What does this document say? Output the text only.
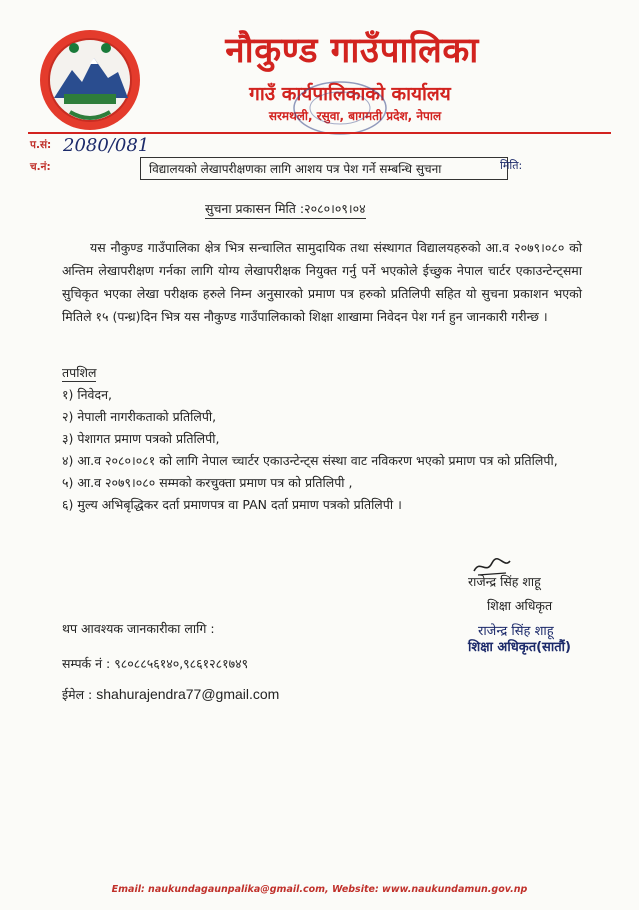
नौकुण्ड गाउँपालिका
गाउँ कार्यपालिकाको कार्यालय
सरमथली, रसुवा, बागमती प्रदेश, नेपाल
प.सं: 2080/081
च.नं:	विद्यालयको लेखापरीक्षणका लागि आशय पत्र पेश गर्ने सम्बन्धि सुचना	मिति:
सुचना प्रकासन मिति :२०८०।०९।०४
यस नौकुण्ड गाउँपालिका क्षेत्र भित्र सन्चालित सामुदायिक तथा संस्थागत विद्यालयहरुको आ.व २०७९।०८० को अन्तिम लेखापरीक्षण गर्नका लागि योग्य लेखापरीक्षक नियुक्त गर्नु पर्ने भएकोले ईच्छुक नेपाल चार्टर एकाउन्टेन्ट्समा सुचिकृत भएका लेखा परीक्षक हरुले निम्न अनुसारको प्रमाण पत्र हरुको प्रतिलिपी सहित यो सुचना प्रकाशन भएको मितिले १५ (पन्ध्र)दिन भित्र यस नौकुण्ड गाउँपालिकाको शिक्षा शाखामा निवेदन पेश गर्न हुन जानकारी गरीन्छ ।
तपशिल
१) निवेदन,
२) नेपाली नागरीकताको प्रतिलिपी,
३) पेशागत प्रमाण पत्रको प्रतिलिपी,
४) आ.व २०८०।०८१ को लागि नेपाल च्चार्टर एकाउन्टेन्ट्स संस्था वाट नविकरण भएको प्रमाण पत्र को प्रतिलिपी,
५) आ.व २०७९।०८० सम्मको करचुक्ता प्रमाण पत्र को प्रतिलिपी ,
६) मुल्य अभिबृद्धिकर दर्ता प्रमाणपत्र वा PAN दर्ता प्रमाण पत्रको प्रतिलिपी ।
राजेन्द्र सिंह शाहू
शिक्षा अधिकृत
राजेन्द्र सिंह शाहू
शिक्षा अधिकृत(सातौं)
थप आवश्यक जानकारीका लागि :
सम्पर्क नं : ९८०८८५६१४०,९८६१२८१७४९
ईमेल : shahurajendra77@gmail.com
Email: naukundagaunpalika@gmail.com, Website: www.naukundamun.gov.np
